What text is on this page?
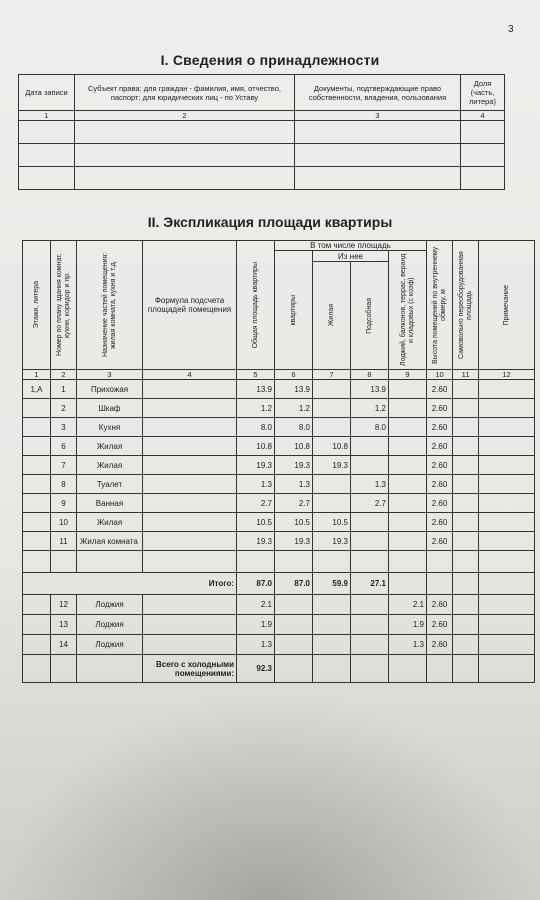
3
I. Сведения о принадлежности
Дата записи	Субъект права: для граждан - фамилия, имя, отчество, паспорт; для юридических лиц - по Уставу	Документы, подтверждающие право собственности, владения, пользования	Доля (часть, литера)
1	2	3	4

II. Экспликация площади квартиры
Этажи, литера	Номер по плану здания комнат, кухни, коридор и пр.	Назначение частей помещения: жилая комната, кухня и т.д.	Формула подсчета площадей помещения	Общая площадь квартиры	В том числе площадь				Высота помещений по внутреннему обмеру, м	Самовольно переоборудованная площадь	Примечание

					квартиры	Из нее		Лоджий, балконов, террас, веранд и кладовых (с коэф)			

						Жилая	Подсобная				

1	2	3	4	5	6	7	8	9	10	11	12
1,А	1	Прихожая		13.9	13.9		13.9		2.60		
	2	Шкаф		1.2	1.2		1.2		2.60		
	3	Кухня		8.0	8.0		8.0		2.60		
	6	Жилая		10.8	10.8	10.8			2.60		
	7	Жилая		19.3	19.3	19.3			2.60		
	8	Туалет		1.3	1.3		1.3		2.60		
	9	Ванная		2.7	2.7		2.7		2.60		
	10	Жилая		10.5	10.5	10.5			2.60		
	11	Жилая комната		19.3	19.3	19.3			2.60		

Итого:				87.0	87.0	59.9	27.1				
	12	Лоджия		2.1				2.1	2.60		
	13	Лоджия		1.9				1.9	2.60		
	14	Лоджия		1.3				1.3	2.60		
			Всего с холодными помещениями:	92.3							
